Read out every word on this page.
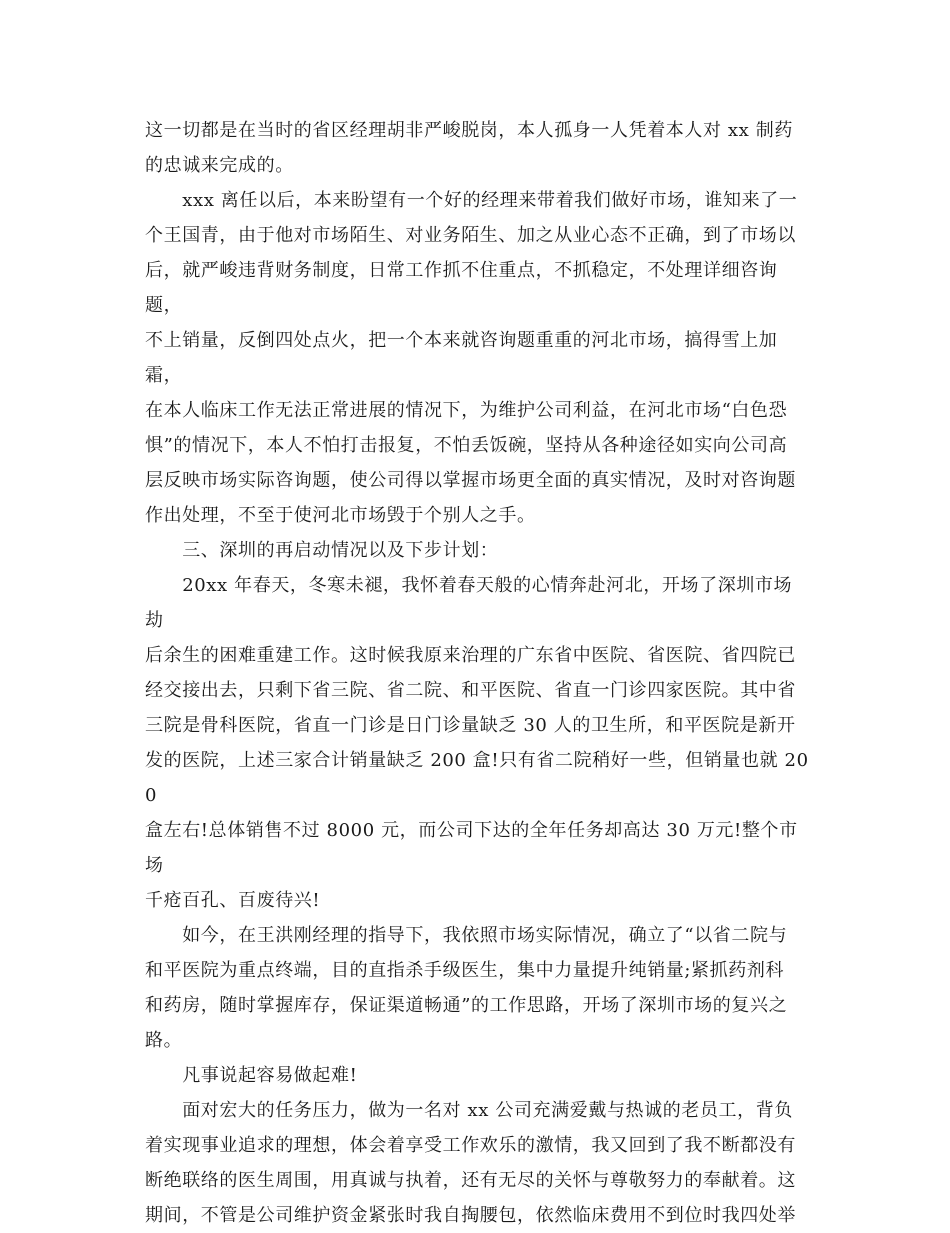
这一切都是在当时的省区经理胡非严峻脱岗，本人孤身一人凭着本人对 xx 制药
的忠诚来完成的。

　　xxx 离任以后，本来盼望有一个好的经理来带着我们做好市场，谁知来了一
个王国青，由于他对市场陌生、对业务陌生、加之从业心态不正确，到了市场以
后，就严峻违背财务制度，日常工作抓不住重点，不抓稳定，不处理详细咨询题，
不上销量，反倒四处点火，把一个本来就咨询题重重的河北市场，搞得雪上加霜，
在本人临床工作无法正常进展的情况下，为维护公司利益，在河北市场“白色恐
惧”的情况下，本人不怕打击报复，不怕丢饭碗，坚持从各种途径如实向公司高
层反映市场实际咨询题，使公司得以掌握市场更全面的真实情况，及时对咨询题
作出处理，不至于使河北市场毁于个别人之手。

　　三、深圳的再启动情况以及下步计划：

　　20xx 年春天，冬寒未褪，我怀着春天般的心情奔赴河北，开场了深圳市场劫
后余生的困难重建工作。这时候我原来治理的广东省中医院、省医院、省四院已
经交接出去，只剩下省三院、省二院、和平医院、省直一门诊四家医院。其中省
三院是骨科医院，省直一门诊是日门诊量缺乏 30 人的卫生所，和平医院是新开
发的医院，上述三家合计销量缺乏 200 盒!只有省二院稍好一些，但销量也就 200
盒左右!总体销售不过 8000 元，而公司下达的全年任务却高达 30 万元!整个市场
千疮百孔、百废待兴!

　　如今，在王洪刚经理的指导下，我依照市场实际情况，确立了“以省二院与
和平医院为重点终端，目的直指杀手级医生，集中力量提升纯销量;紧抓药剂科
和药房，随时掌握库存，保证渠道畅通”的工作思路，开场了深圳市场的复兴之
路。

　　凡事说起容易做起难!

　　面对宏大的任务压力，做为一名对 xx 公司充满爱戴与热诚的老员工，背负
着实现事业追求的理想，体会着享受工作欢乐的激情，我又回到了我不断都没有
断绝联络的医生周围，用真诚与执着，还有无尽的关怀与尊敬努力的奉献着。这
期间，不管是公司维护资金紧张时我自掏腰包，依然临床费用不到位时我四处举
